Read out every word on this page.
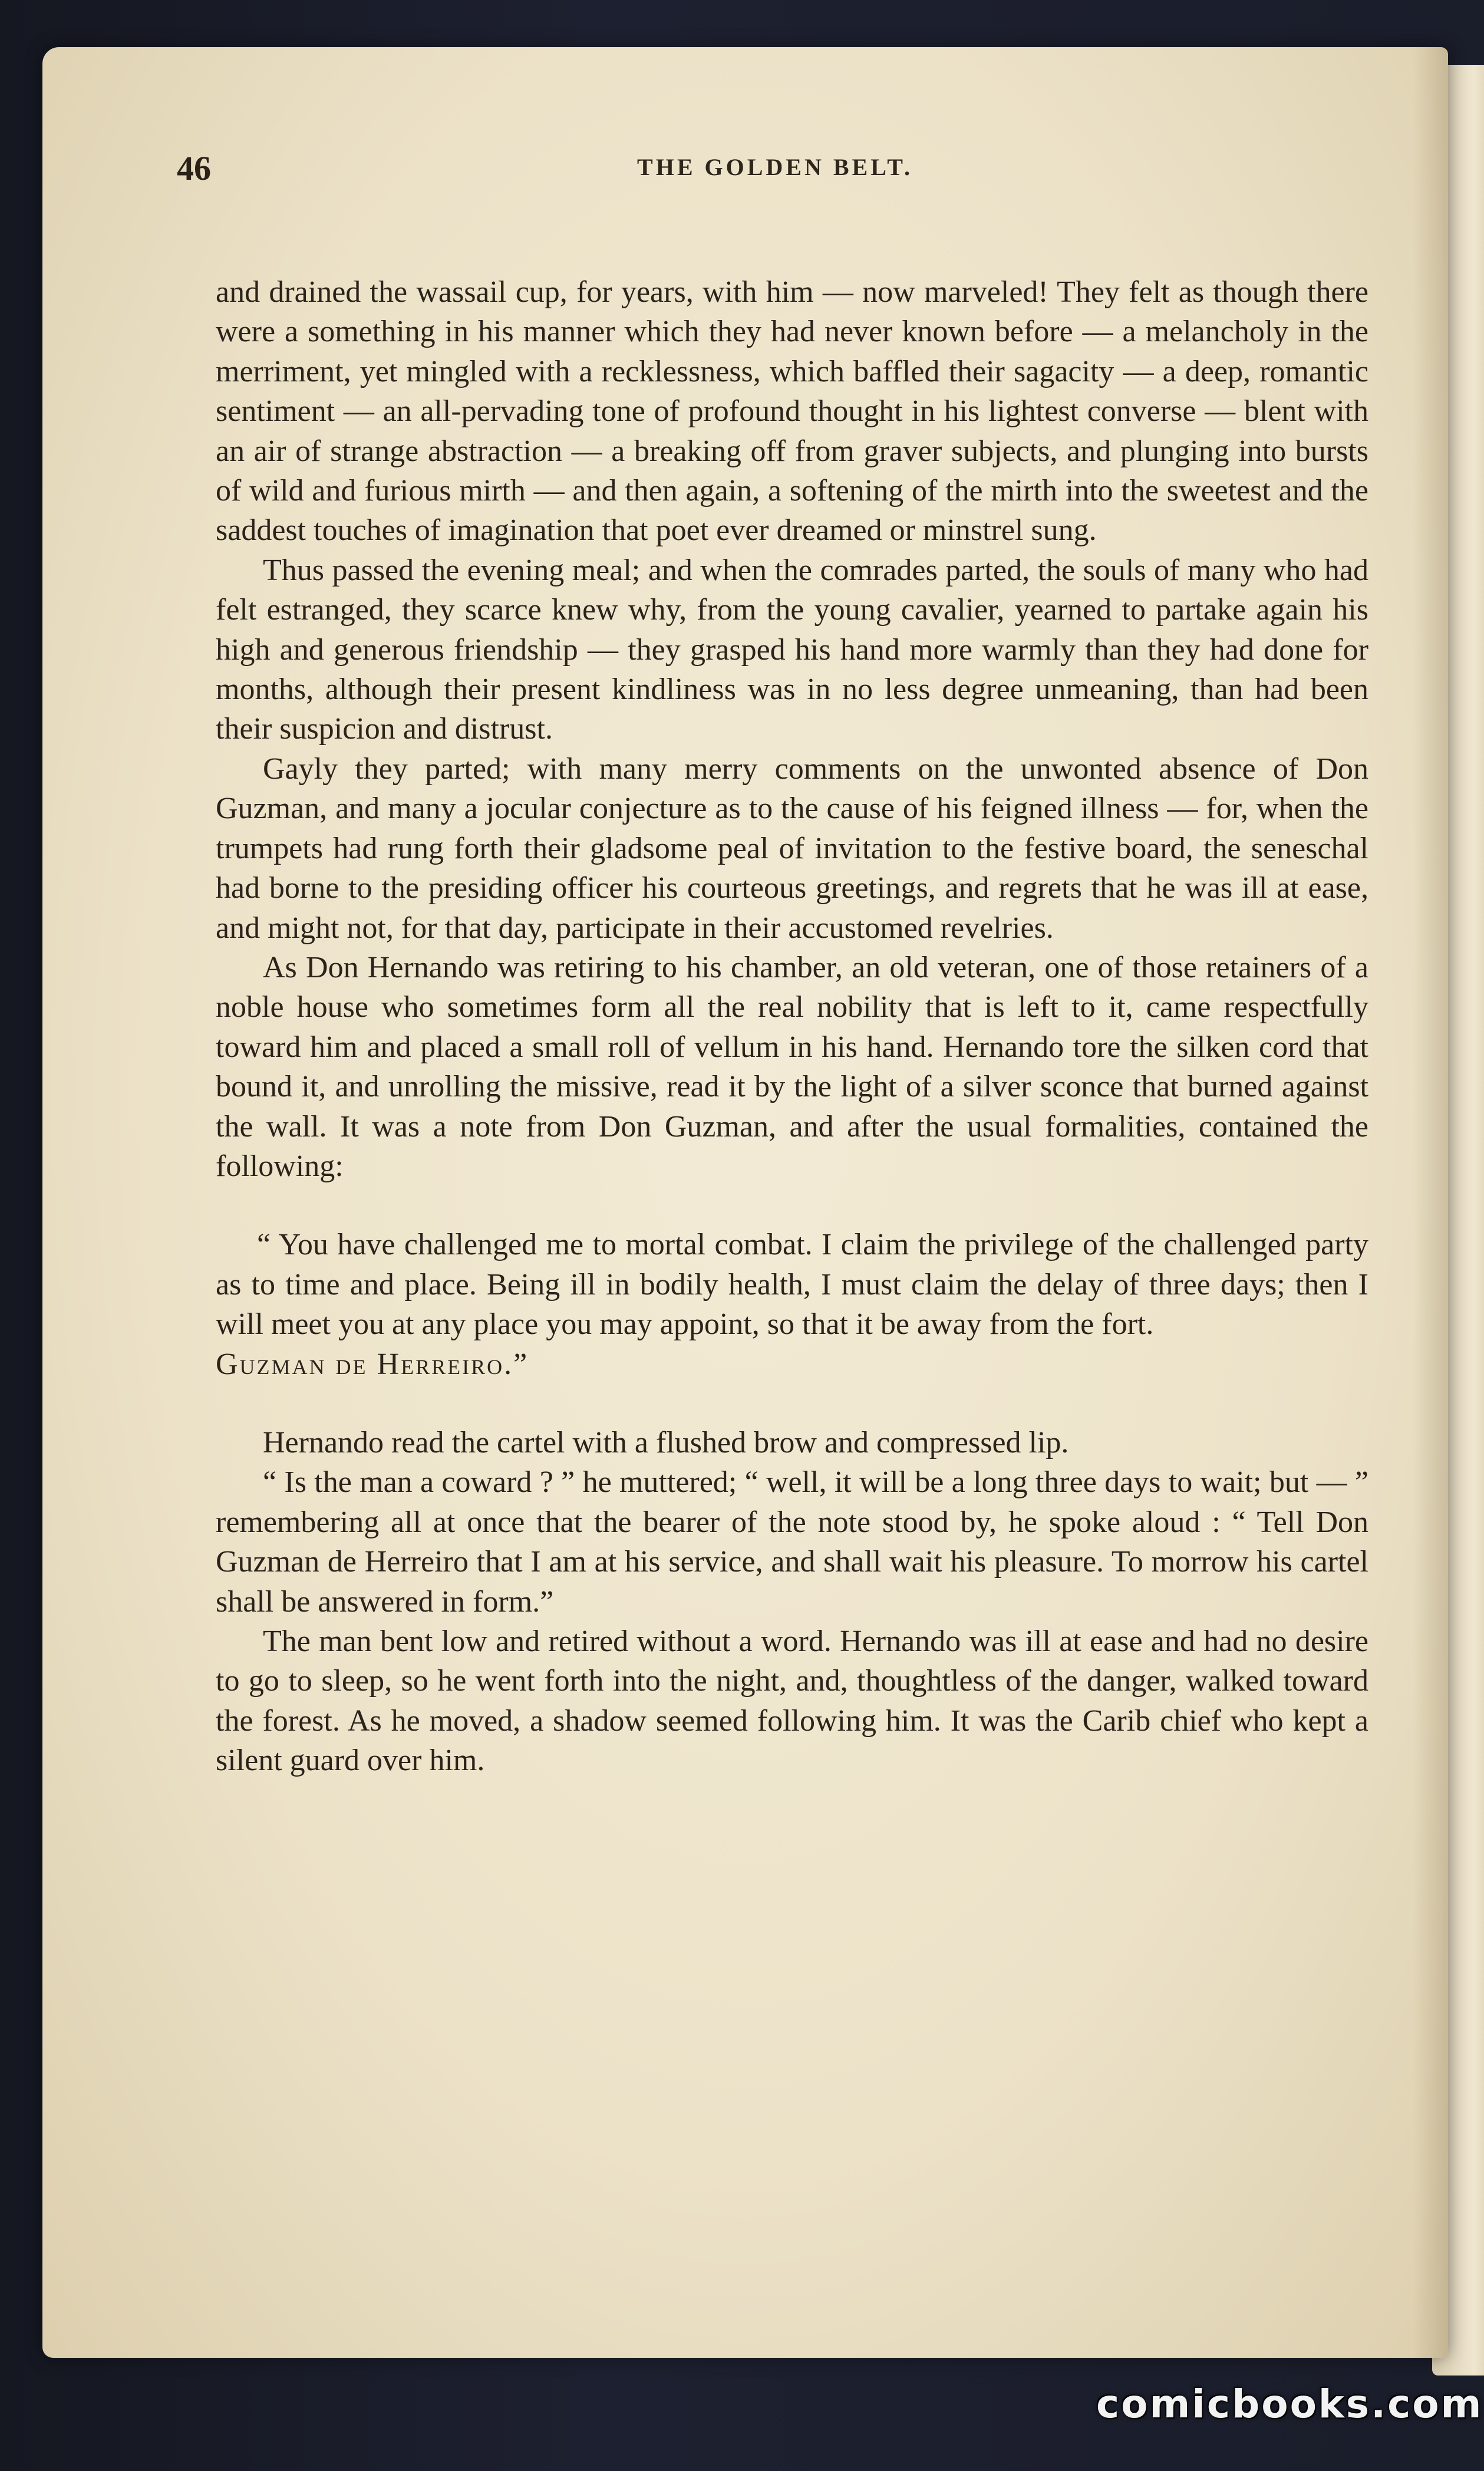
46	THE GOLDEN BELT.

and drained the wassail cup, for years, with him — now marveled! They felt as though there were a something in his manner which they had never known before — a melancholy in the merriment, yet mingled with a recklessness, which baffled their sagacity — a deep, romantic sentiment — an all-pervading tone of profound thought in his lightest converse — blent with an air of strange abstraction — a breaking off from graver subjects, and plunging into bursts of wild and furious mirth — and then again, a softening of the mirth into the sweetest and the saddest touches of imagination that poet ever dreamed or minstrel sung.

Thus passed the evening meal; and when the comrades parted, the souls of many who had felt estranged, they scarce knew why, from the young cavalier, yearned to partake again his high and generous friendship — they grasped his hand more warmly than they had done for months, although their present kindliness was in no less degree unmeaning, than had been their suspicion and distrust.

Gayly they parted; with many merry comments on the unwonted absence of Don Guzman, and many a jocular conjecture as to the cause of his feigned illness — for, when the trumpets had rung forth their gladsome peal of invitation to the festive board, the seneschal had borne to the presiding officer his courteous greetings, and regrets that he was ill at ease, and might not, for that day, participate in their accustomed revelries.

As Don Hernando was retiring to his chamber, an old veteran, one of those retainers of a noble house who sometimes form all the real nobility that is left to it, came respectfully toward him and placed a small roll of vellum in his hand. Hernando tore the silken cord that bound it, and unrolling the missive, read it by the light of a silver sconce that burned against the wall. It was a note from Don Guzman, and after the usual formalities, contained the following:

“ You have challenged me to mortal combat. I claim the privilege of the challenged party as to time and place. Being ill in bodily health, I must claim the delay of three days; then I will meet you at any place you may appoint, so that it be away from the fort.

Guzman de Herreiro.”

Hernando read the cartel with a flushed brow and compressed lip.

“ Is the man a coward ? ” he muttered; “ well, it will be a long three days to wait; but — ” remembering all at once that the bearer of the note stood by, he spoke aloud : “ Tell Don Guzman de Herreiro that I am at his service, and shall wait his pleasure. To morrow his cartel shall be answered in form.”

The man bent low and retired without a word. Hernando was ill at ease and had no desire to go to sleep, so he went forth into the night, and, thoughtless of the danger, walked toward the forest. As he moved, a shadow seemed following him. It was the Carib chief who kept a silent guard over him.

comicbooks.com
